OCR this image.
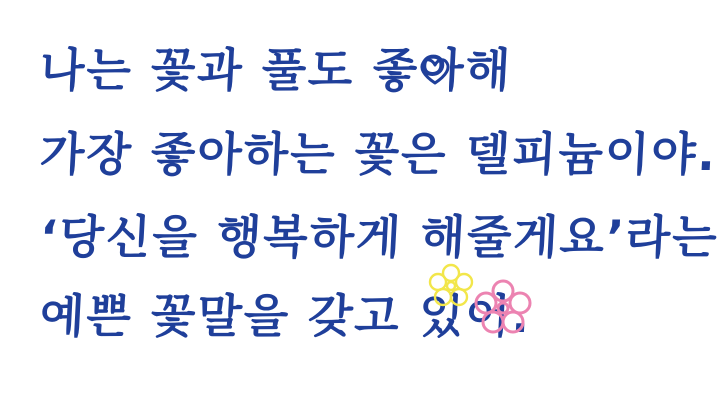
나는 꽃과 풀도 좋아해
가장 좋아하는 꽃은 델피늄이야.
‘당신을 행복하게 해줄게요’라는
예쁜 꽃말을 갖고 있어.
